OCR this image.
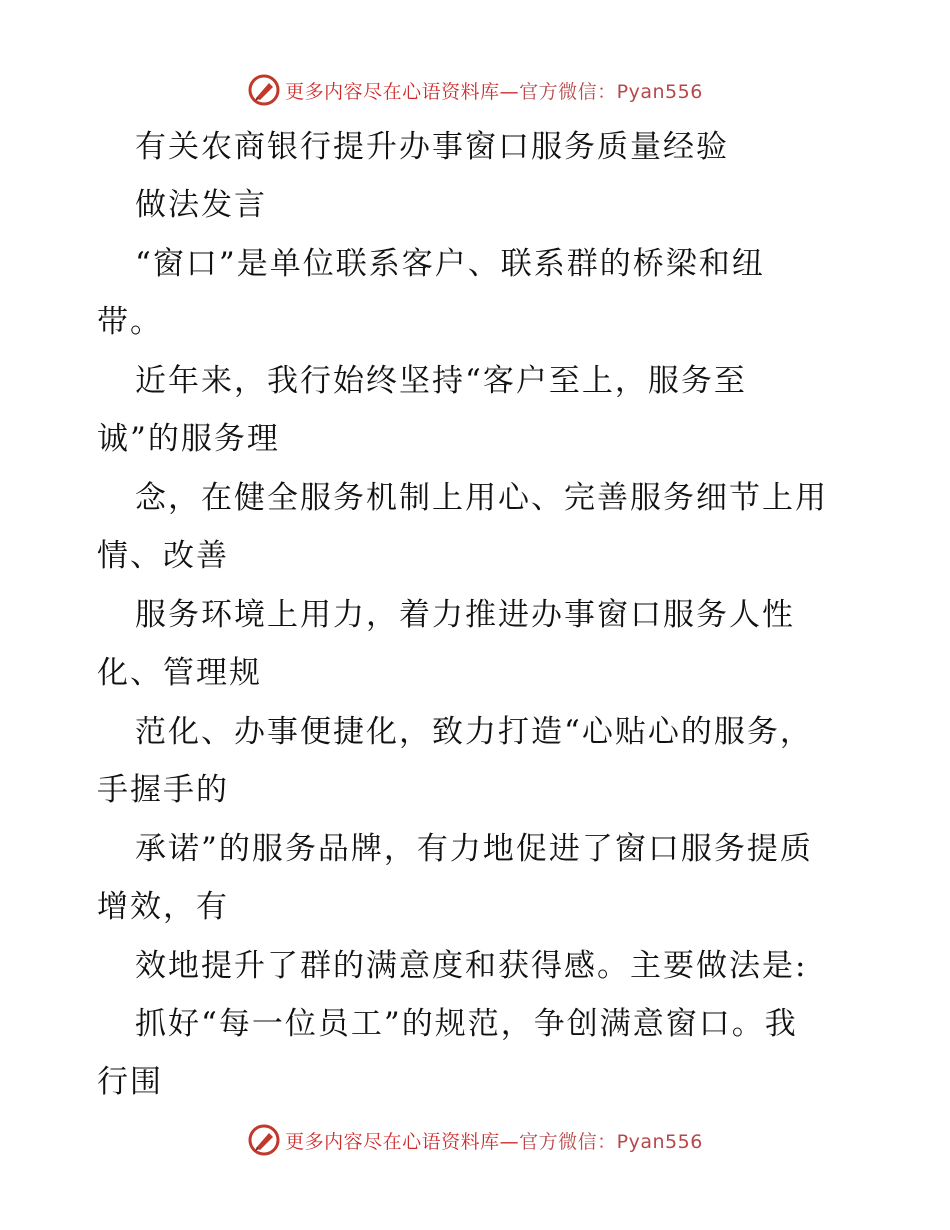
更多内容尽在心语资料库—官方微信：Pyan556
有关农商银行提升办事窗口服务质量经验
做法发言
“窗口”是单位联系客户、联系群的桥梁和纽
带。
近年来，我行始终坚持“客户至上，服务至
诚”的服务理
念，在健全服务机制上用心、完善服务细节上用
情、改善
服务环境上用力，着力推进办事窗口服务人性
化、管理规
范化、办事便捷化，致力打造“心贴心的服务，
手握手的
承诺”的服务品牌，有力地促进了窗口服务提质
增效，有
效地提升了群的满意度和获得感。主要做法是:
抓好“每一位员工”的规范，争创满意窗口。我
行围
更多内容尽在心语资料库—官方微信：Pyan556
